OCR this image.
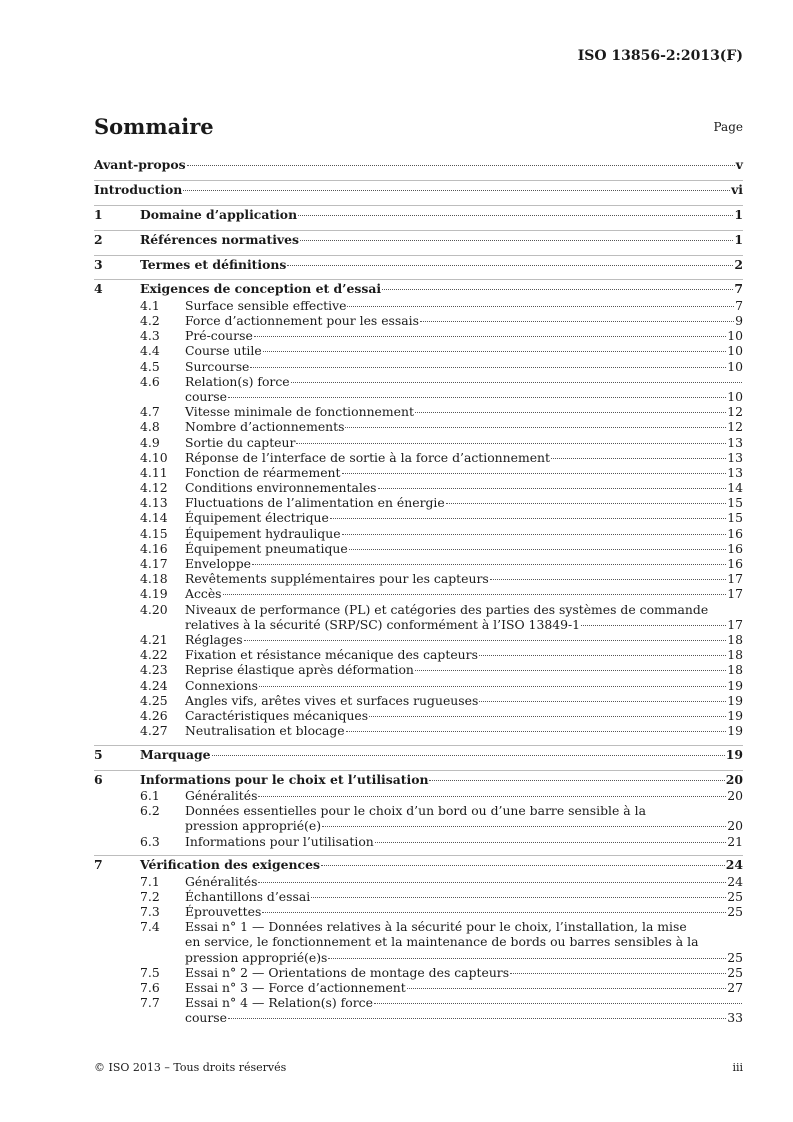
ISO 13856-2:2013(F)
Sommaire	Page
Avant-propos	v
Introduction	vi
1	Domaine d’application	1
2	Références normatives	1
3	Termes et définitions	2
4	Exigences de conception et d’essai	7
4.1 Surface sensible effective	7
4.2 Force d’actionnement pour les essais	9
4.3 Pré-course	10
4.4 Course utile	10
4.5 Surcourse	10
4.6 Relation(s) force
course	10
4.7 Vitesse minimale de fonctionnement	12
4.8 Nombre d’actionnements	12
4.9 Sortie du capteur	13
4.10 Réponse de l’interface de sortie à la force d’actionnement	13
4.11 Fonction de réarmement	13
4.12 Conditions environnementales	14
4.13 Fluctuations de l’alimentation en énergie	15
4.14 Équipement électrique	15
4.15 Équipement hydraulique	16
4.16 Équipement pneumatique	16
4.17 Enveloppe	16
4.18 Revêtements supplémentaires pour les capteurs	17
4.19 Accès	17
4.20 Niveaux de performance (PL) et catégories des parties des systèmes de commande
relatives à la sécurité (SRP/SC) conformément à l’ISO 13849-1	17
4.21 Réglages	18
4.22 Fixation et résistance mécanique des capteurs	18
4.23 Reprise élastique après déformation	18
4.24 Connexions	19
4.25 Angles vifs, arêtes vives et surfaces rugueuses	19
4.26 Caractéristiques mécaniques	19
4.27 Neutralisation et blocage	19
5	Marquage	19
6	Informations pour le choix et l’utilisation	20
6.1 Généralités	20
6.2 Données essentielles pour le choix d’un bord ou d’une barre sensible à la
pression approprié(e)	20
6.3 Informations pour l’utilisation	21
7	Vérification des exigences	24
7.1 Généralités	24
7.2 Échantillons d’essai	25
7.3 Éprouvettes	25
7.4 Essai n° 1 — Données relatives à la sécurité pour le choix, l’installation, la mise
en service, le fonctionnement et la maintenance de bords ou barres sensibles à la
pression approprié(e)s	25
7.5 Essai n° 2 — Orientations de montage des capteurs	25
7.6 Essai n° 3 — Force d’actionnement	27
7.7 Essai n° 4 — Relation(s) force
course	33
© ISO 2013 – Tous droits réservés	iii
